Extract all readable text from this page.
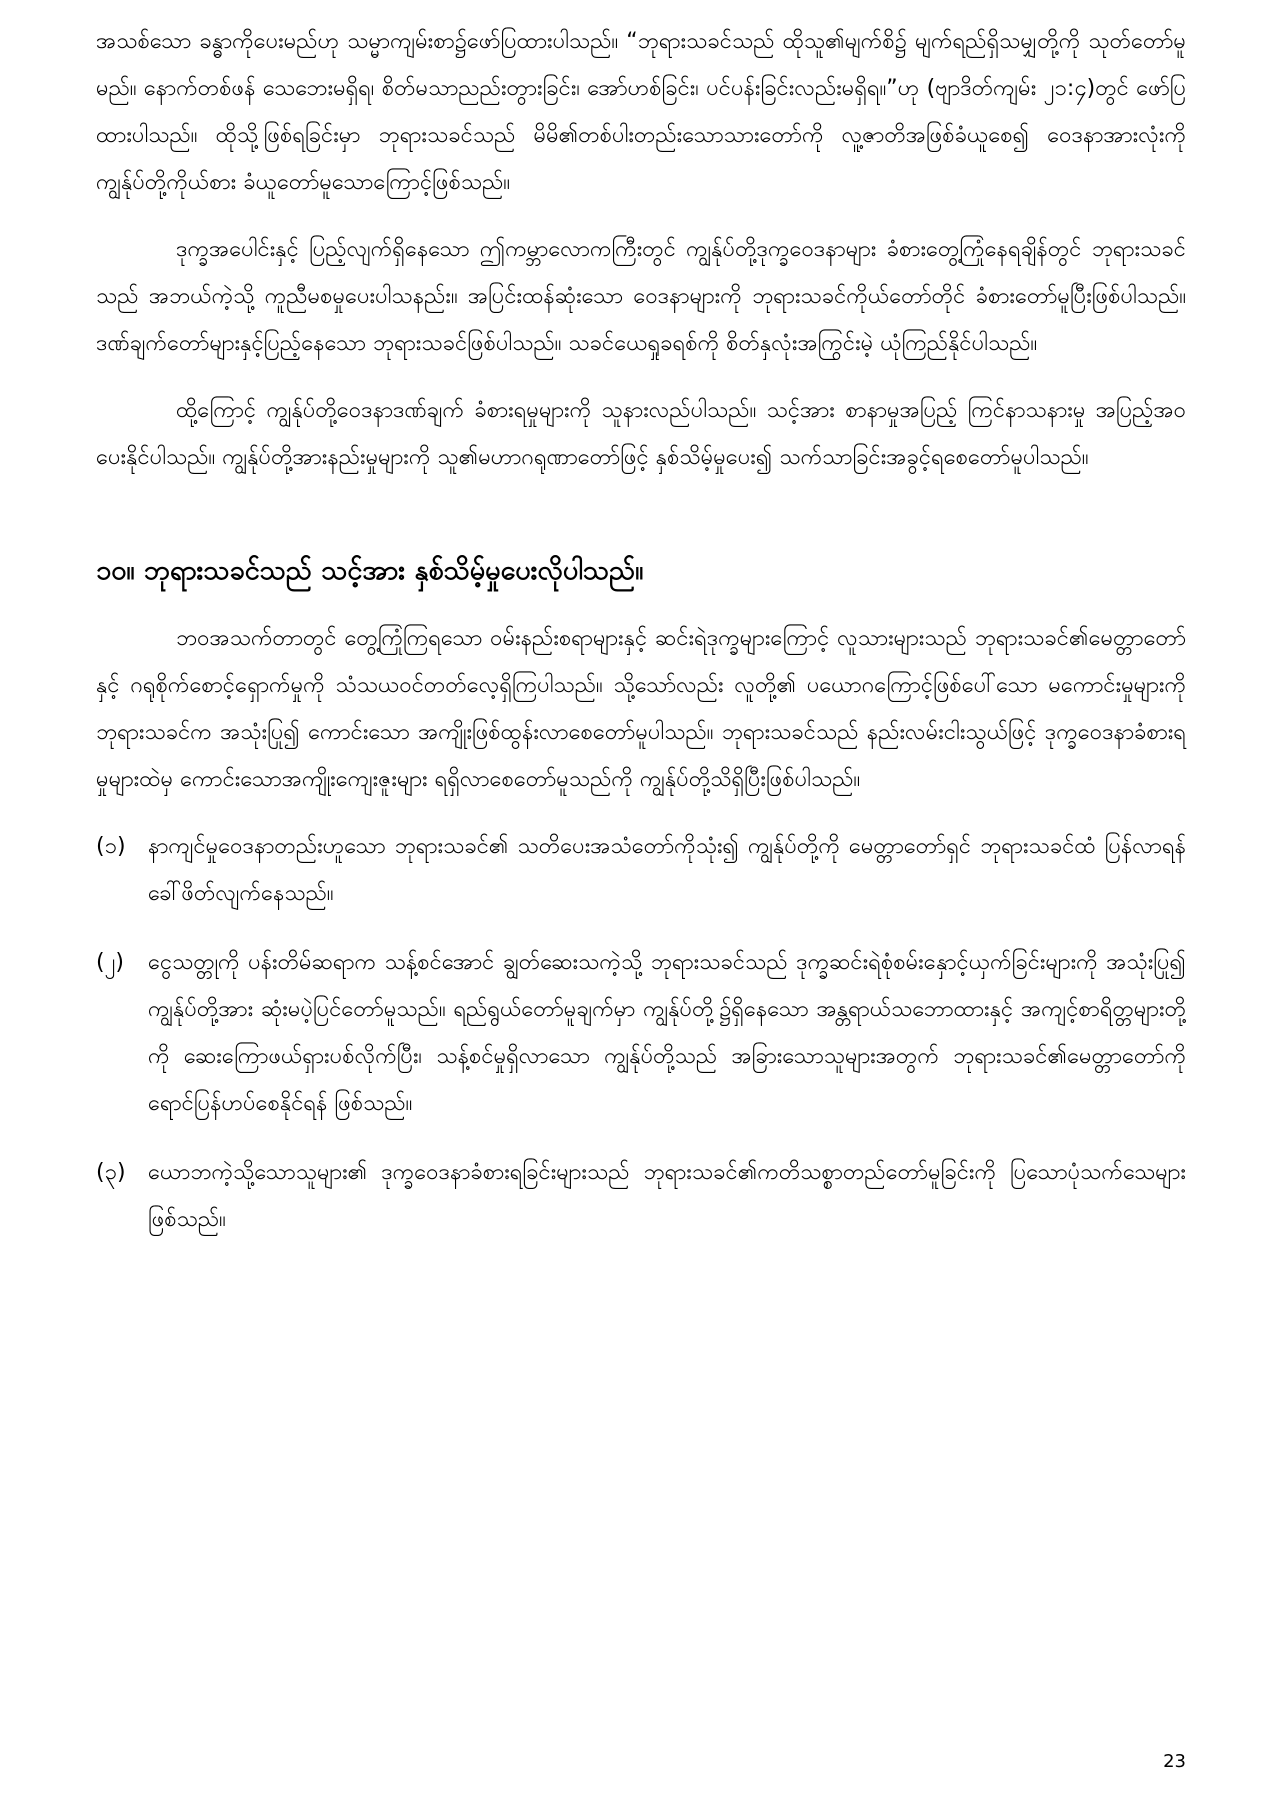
အသစ်သော ခန္ဓာကိုပေးမည်ဟု သမ္မာကျမ်းစာ၌ဖော်ပြထားပါသည်။ “ဘုရားသခင်သည် ထိုသူ၏မျက်စိ၌ မျက်ရည်ရှိသမျှတို့ကို သုတ်တော်မူမည်။ နောက်တစ်ဖန် သေဘေးမရှိရ၊ စိတ်မသာညည်းတွားခြင်း၊ အော်ဟစ်ခြင်း၊ ပင်ပန်းခြင်းလည်းမရှိရ။”ဟု (ဗျာဒိတ်ကျမ်း ၂၁:၄)တွင် ဖော်ပြထားပါသည်။ ထိုသို့ဖြစ်ရခြင်းမှာ ဘုရားသခင်သည် မိမိ၏တစ်ပါးတည်းသောသားတော်ကို လူ့ဇာတိအဖြစ်ခံယူစေ၍ ဝေဒနာအားလုံးကို ကျွန်ုပ်တို့ကိုယ်စား ခံယူတော်မူသောကြောင့်ဖြစ်သည်။

ဒုက္ခအပေါင်းနှင့် ပြည့်လျက်ရှိနေသော ဤကမ္ဘာလောကကြီးတွင် ကျွန်ုပ်တို့ဒုက္ခဝေဒနာများ ခံစားတွေ့ကြုံနေရချိန်တွင် ဘုရားသခင်သည် အဘယ်ကဲ့သို့ ကူညီမစမှုပေးပါသနည်း။ အပြင်းထန်ဆုံးသော ဝေဒနာများကို ဘုရားသခင်ကိုယ်တော်တိုင် ခံစားတော်မူပြီးဖြစ်ပါသည်။ ဒဏ်ချက်တော်များနှင့်ပြည့်နေသော ဘုရားသခင်ဖြစ်ပါသည်။ သခင်ယေရှုခရစ်ကို စိတ်နှလုံးအကြွင်းမဲ့ ယုံကြည်နိုင်ပါသည်။

ထို့ကြောင့် ကျွန်ုပ်တို့ဝေဒနာဒဏ်ချက် ခံစားရမှုများကို သူနားလည်ပါသည်။ သင့်အား စာနာမှုအပြည့် ကြင်နာသနားမှု အပြည့်အဝပေးနိုင်ပါသည်။ ကျွန်ုပ်တို့အားနည်းမှုများကို သူ၏မဟာဂရုဏာတော်ဖြင့် နှစ်သိမ့်မှုပေး၍ သက်သာခြင်းအခွင့်ရစေတော်မူပါသည်။

၁၀။ ဘုရားသခင်သည် သင့်အား နှစ်သိမ့်မှုပေးလိုပါသည်။

ဘဝအသက်တာတွင် တွေ့ကြုံကြရသော ဝမ်းနည်းစရာများနှင့် ဆင်းရဲဒုက္ခများကြောင့် လူသားများသည် ဘုရားသခင်၏မေတ္တာတော်နှင့် ဂရုစိုက်စောင့်ရှောက်မှုကို သံသယဝင်တတ်လေ့ရှိကြပါသည်။ သို့သော်လည်း လူတို့၏ ပယောဂကြောင့်ဖြစ်ပေါ်သော မကောင်းမှုများကို ဘုရားသခင်က အသုံးပြု၍ ကောင်းသော အကျိုးဖြစ်ထွန်းလာစေတော်မူပါသည်။ ဘုရားသခင်သည် နည်းလမ်းငါးသွယ်ဖြင့် ဒုက္ခဝေဒနာခံစားရမှုများထဲမှ ကောင်းသောအကျိုးကျေးဇူးများ ရရှိလာစေတော်မူသည်ကို ကျွန်ုပ်တို့သိရှိပြီးဖြစ်ပါသည်။

(၁)	နာကျင်မှုဝေဒနာတည်းဟူသော ဘုရားသခင်၏ သတိပေးအသံတော်ကိုသုံး၍ ကျွန်ုပ်တို့ကို မေတ္တာတော်ရှင် ဘုရားသခင်ထံ ပြန်လာရန်ခေါ်ဖိတ်လျက်နေသည်။
(၂)	ငွေသတ္တုကို ပန်းတိမ်ဆရာက သန့်စင်အောင် ချွတ်ဆေးသကဲ့သို့ ဘုရားသခင်သည် ဒုက္ခဆင်းရဲစုံစမ်းနှောင့်ယှက်ခြင်းများကို အသုံးပြု၍ ကျွန်ုပ်တို့အား ဆုံးမပဲ့ပြင်တော်မူသည်။ ရည်ရွယ်တော်မူချက်မှာ ကျွန်ုပ်တို့၌ရှိနေသော အန္တရာယ်သဘောထားနှင့် အကျင့်စာရိတ္တများတို့ကို ဆေးကြောဖယ်ရှားပစ်လိုက်ပြီး၊ သန့်စင်မှုရှိလာသော ကျွန်ုပ်တို့သည် အခြားသောသူများအတွက် ဘုရားသခင်၏မေတ္တာတော်ကို ရောင်ပြန်ဟပ်စေနိုင်ရန် ဖြစ်သည်။
(၃)	ယောဘကဲ့သို့သောသူများ၏ ဒုက္ခဝေဒနာခံစားရခြင်းများသည် ဘုရားသခင်၏ကတိသစ္စာတည်တော်မူခြင်းကို ပြသောပုံသက်သေများဖြစ်သည်။
23
